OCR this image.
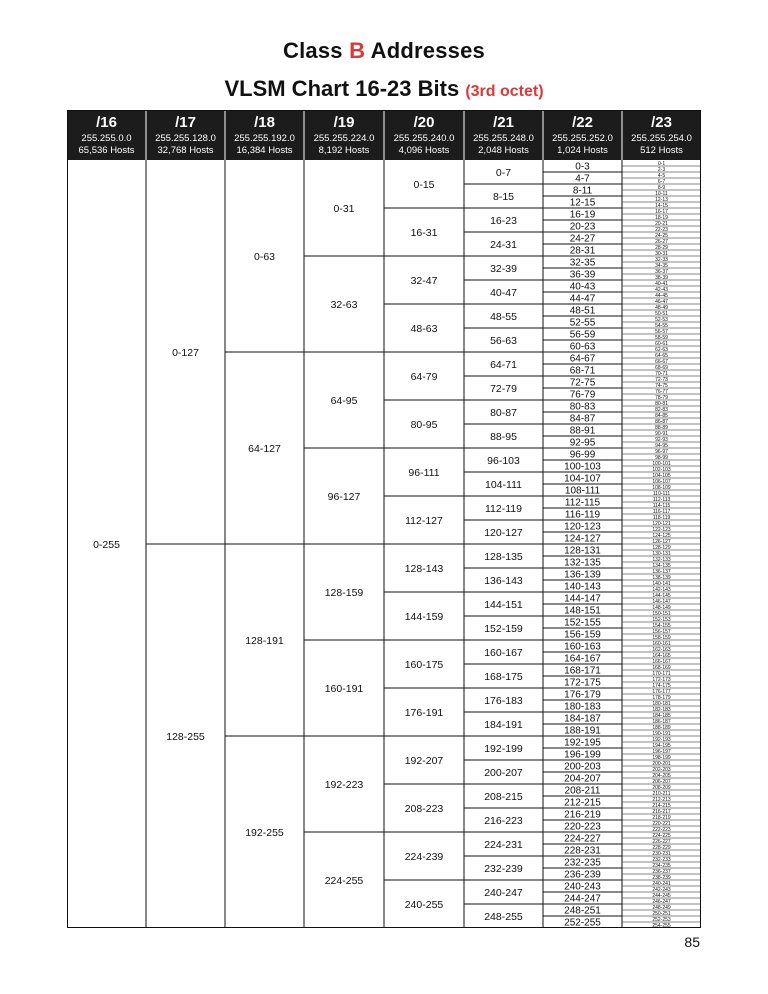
Class B Addresses
VLSM Chart 16-23 Bits (3rd octet)
/16
255.255.0.0
65,536 Hosts
/17
255.255.128.0
32,768 Hosts
/18
255.255.192.0
16,384 Hosts
/19
255.255.224.0
8,192 Hosts
/20
255.255.240.0
4,096 Hosts
/21
255.255.248.0
2,048 Hosts
/22
255.255.252.0
1,024 Hosts
/23
255.255.254.0
512 Hosts
0-255
0-127
128-255
0-63
64-127
128-191
192-255
0-31
32-63
64-95
96-127
128-159
160-191
192-223
224-255
0-15
16-31
32-47
48-63
64-79
80-95
96-111
112-127
128-143
144-159
160-175
176-191
192-207
208-223
224-239
240-255
0-7
8-15
16-23
24-31
32-39
40-47
48-55
56-63
64-71
72-79
80-87
88-95
96-103
104-111
112-119
120-127
128-135
136-143
144-151
152-159
160-167
168-175
176-183
184-191
192-199
200-207
208-215
216-223
224-231
232-239
240-247
248-255
0-3
4-7
8-11
12-15
16-19
20-23
24-27
28-31
32-35
36-39
40-43
44-47
48-51
52-55
56-59
60-63
64-67
68-71
72-75
76-79
80-83
84-87
88-91
92-95
96-99
100-103
104-107
108-111
112-115
116-119
120-123
124-127
128-131
132-135
136-139
140-143
144-147
148-151
152-155
156-159
160-163
164-167
168-171
172-175
176-179
180-183
184-187
188-191
192-195
196-199
200-203
204-207
208-211
212-215
216-219
220-223
224-227
228-231
232-235
236-239
240-243
244-247
248-251
252-255
0-1
2-3
4-5
6-7
8-9
10-11
12-13
14-15
16-17
18-19
20-21
22-23
24-25
26-27
28-29
30-31
32-33
34-35
36-37
38-39
40-41
42-43
44-45
46-47
48-49
50-51
52-53
54-55
56-57
58-59
60-61
62-63
64-65
66-67
68-69
70-71
72-73
74-75
76-77
78-79
80-81
82-83
84-85
86-87
88-89
90-91
92-93
94-95
96-97
98-99
100-101
102-103
104-105
106-107
108-109
110-111
112-113
114-115
116-117
118-119
120-121
122-123
124-125
126-127
128-129
130-131
132-133
134-135
136-137
138-139
140-141
142-143
144-145
146-147
148-149
150-151
152-153
154-155
156-157
158-159
160-161
162-163
164-165
166-167
168-169
170-171
172-173
174-175
176-177
178-179
180-181
182-183
184-185
186-187
188-189
190-191
192-193
194-195
196-197
198-199
200-201
202-203
204-205
206-207
208-209
210-211
212-213
214-215
216-217
218-219
220-221
222-223
224-225
226-227
228-229
230-231
232-233
234-235
236-237
238-239
240-241
242-243
244-245
246-247
248-249
250-251
252-253
254-255
85
